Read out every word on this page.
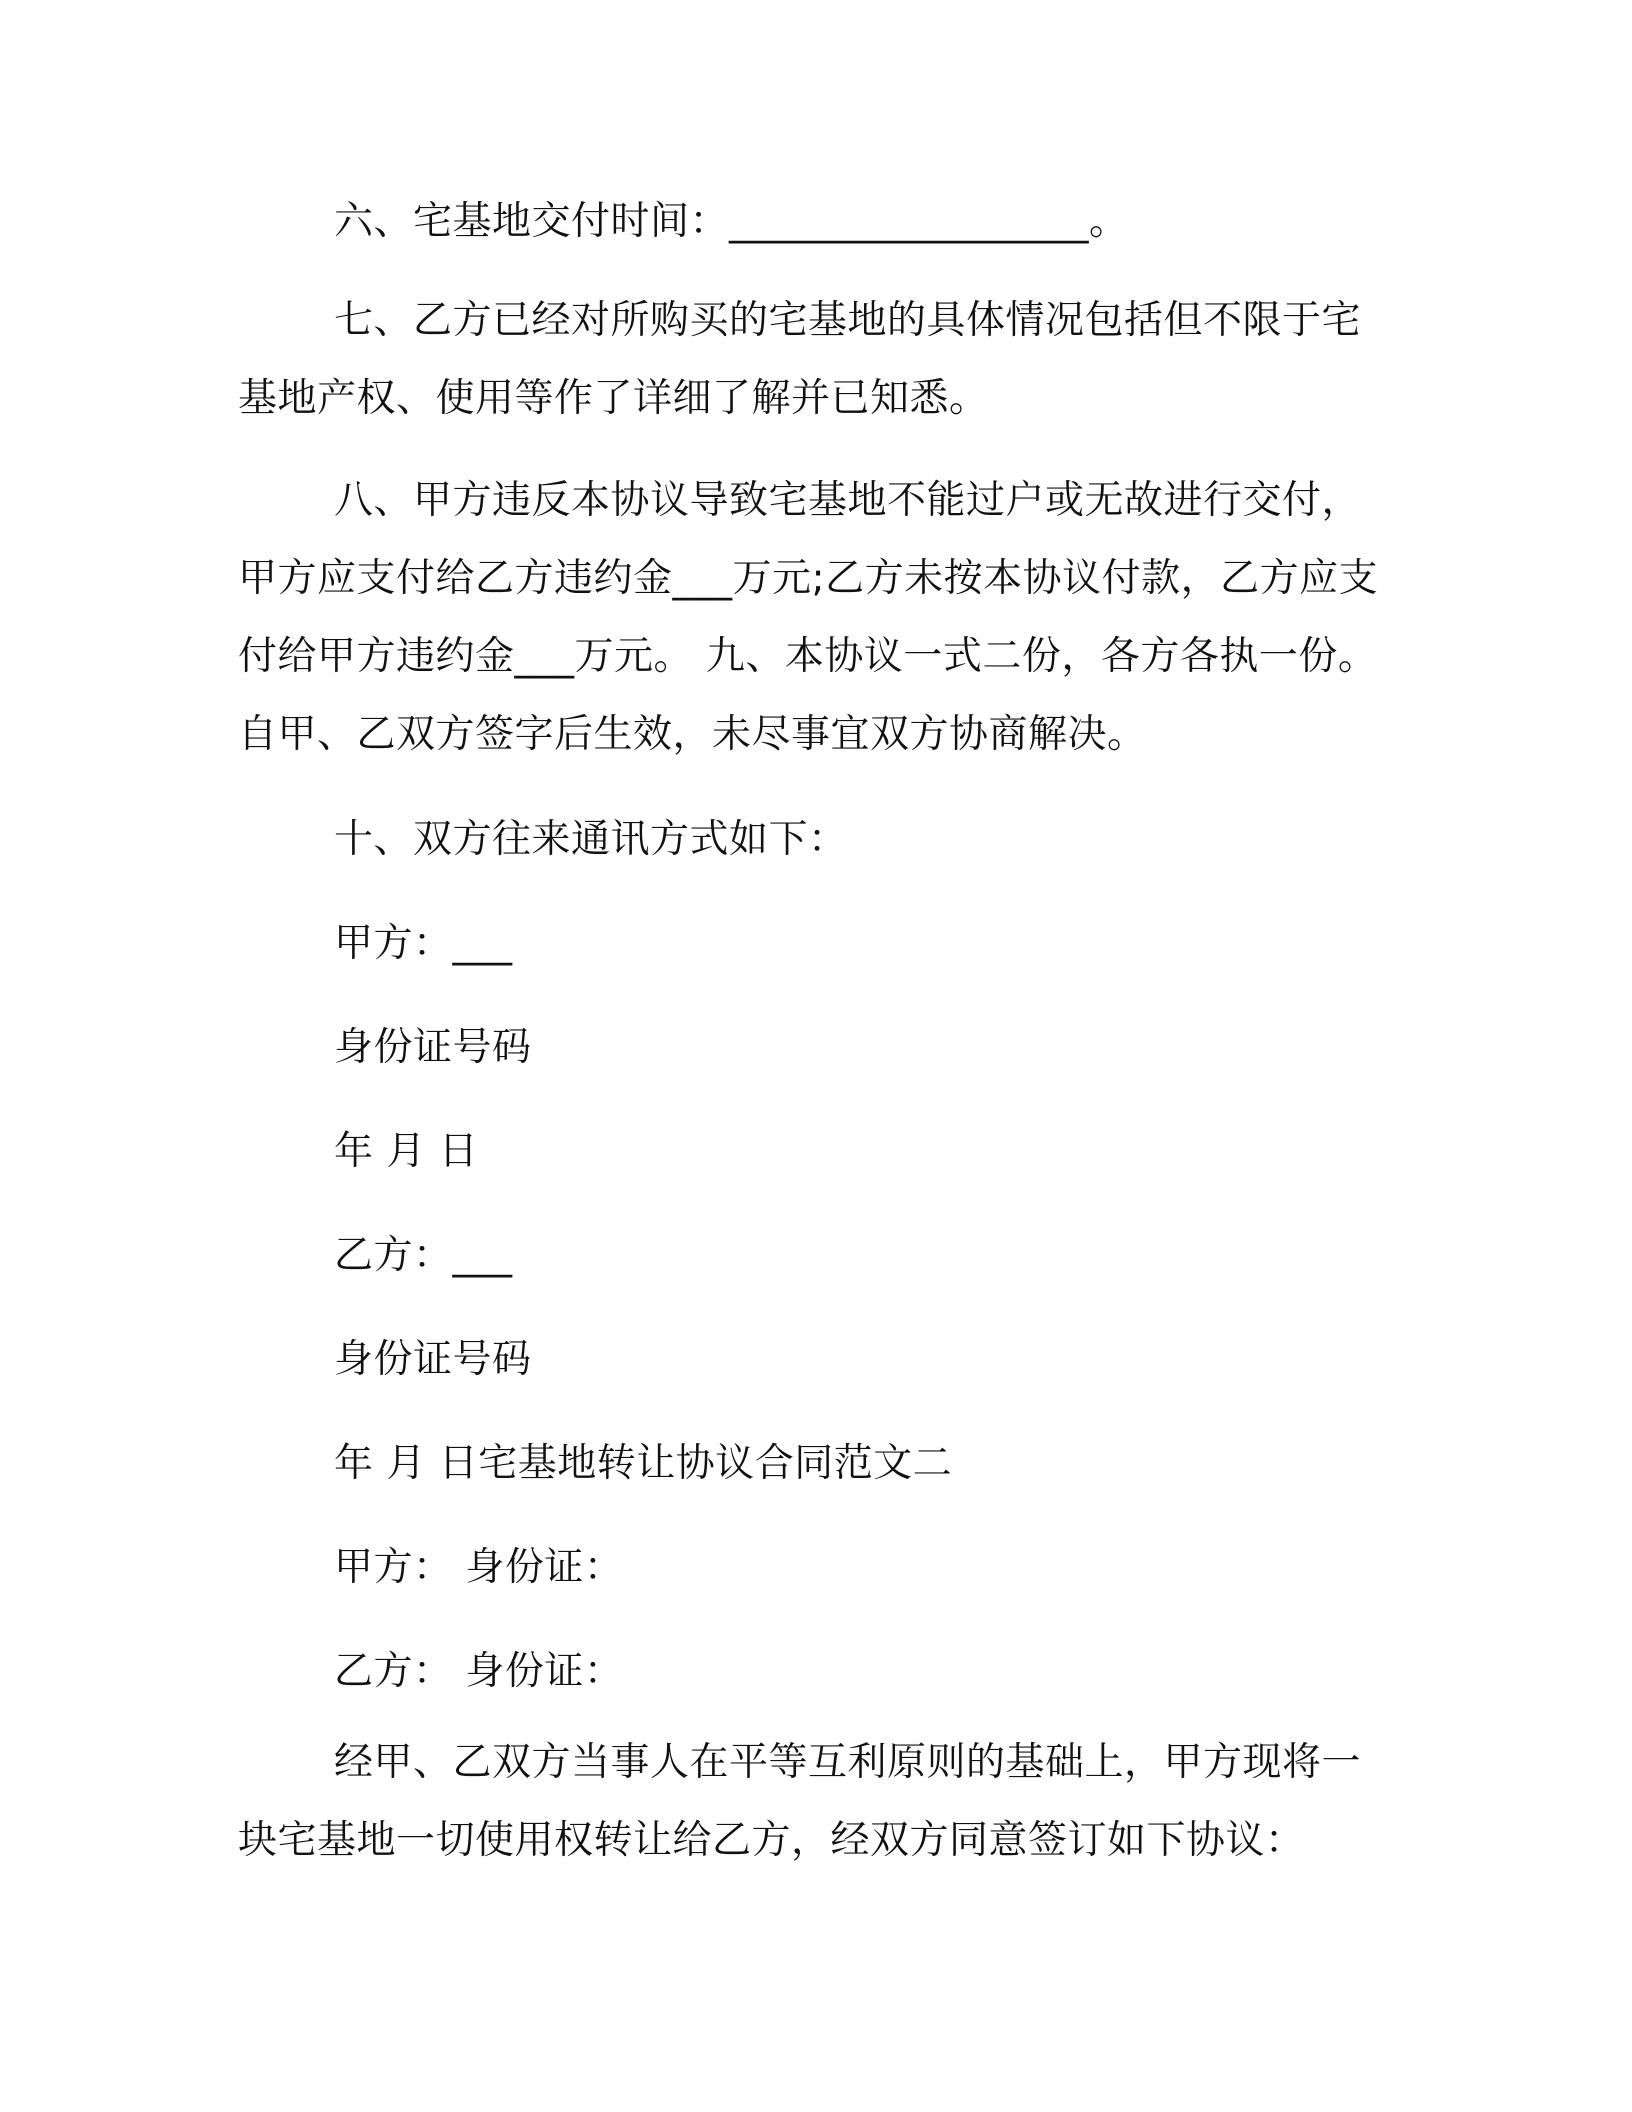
六、宅基地交付时间：__________________。

七、乙方已经对所购买的宅基地的具体情况包括但不限于宅基地产权、使用等作了详细了解并已知悉。

八、甲方违反本协议导致宅基地不能过户或无故进行交付，甲方应支付给乙方违约金___万元;乙方未按本协议付款，乙方应支付给甲方违约金___万元。 九、本协议一式二份，各方各执一份。自甲、乙双方签字后生效，未尽事宜双方协商解决。

十、双方往来通讯方式如下：

甲方：___

身份证号码

年 月 日

乙方：___

身份证号码

年 月 日宅基地转让协议合同范文二

甲方： 身份证：

乙方： 身份证：

经甲、乙双方当事人在平等互利原则的基础上，甲方现将一块宅基地一切使用权转让给乙方，经双方同意签订如下协议：
